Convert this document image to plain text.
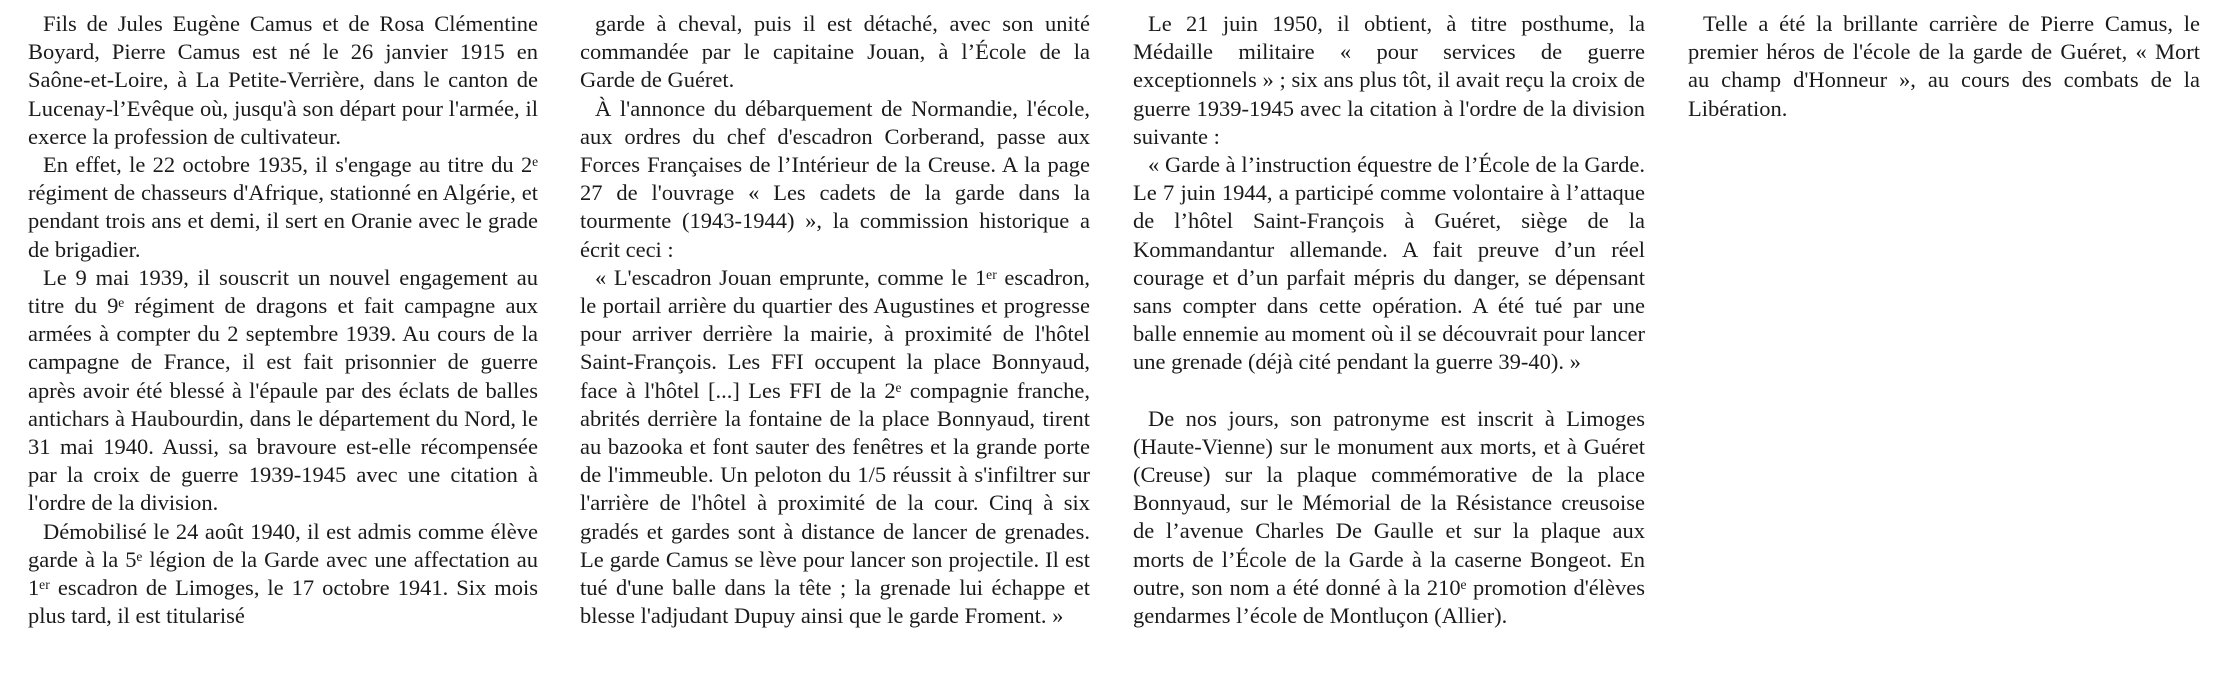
Fils de Jules Eugène Camus et de Rosa Clémentine Boyard, Pierre Camus est né le 26 janvier 1915 en Saône-et-Loire, à La Petite-Verrière, dans le canton de Lucenay-l’Evêque où, jusqu'à son départ pour l'armée, il exerce la profession de cultivateur.

En effet, le 22 octobre 1935, il s'engage au titre du 2ᵉ régiment de chasseurs d'Afrique, stationné en Algérie, et pendant trois ans et demi, il sert en Oranie avec le grade de brigadier.

Le 9 mai 1939, il souscrit un nouvel engagement au titre du 9ᵉ régiment de dragons et fait campagne aux armées à compter du 2 septembre 1939. Au cours de la campagne de France, il est fait prisonnier de guerre après avoir été blessé à l'épaule par des éclats de balles antichars à Haubourdin, dans le département du Nord, le 31 mai 1940. Aussi, sa bravoure est-elle récompensée par la croix de guerre 1939-1945 avec une citation à l'ordre de la division.

Démobilisé le 24 août 1940, il est admis comme élève garde à la 5ᵉ légion de la Garde avec une affectation au 1ᵉʳ escadron de Limoges, le 17 octobre 1941. Six mois plus tard, il est titularisé

garde à cheval, puis il est détaché, avec son unité commandée par le capitaine Jouan, à l’École de la Garde de Guéret.

À l'annonce du débarquement de Normandie, l'école, aux ordres du chef d'escadron Corberand, passe aux Forces Françaises de l’Intérieur de la Creuse. A la page 27 de l'ouvrage « Les cadets de la garde dans la tourmente (1943-1944) », la commission historique a écrit ceci :

« L'escadron Jouan emprunte, comme le 1ᵉʳ escadron, le portail arrière du quartier des Augustines et progresse pour arriver derrière la mairie, à proximité de l'hôtel Saint-François. Les FFI occupent la place Bonnyaud, face à l'hôtel [...] Les FFI de la 2ᵉ compagnie franche, abrités derrière la fontaine de la place Bonnyaud, tirent au bazooka et font sauter des fenêtres et la grande porte de l'immeuble. Un peloton du 1/5 réussit à s'infiltrer sur l'arrière de l'hôtel à proximité de la cour. Cinq à six gradés et gardes sont à distance de lancer de grenades. Le garde Camus se lève pour lancer son projectile. Il est tué d'une balle dans la tête ; la grenade lui échappe et blesse l'adjudant Dupuy ainsi que le garde Froment. »

Le 21 juin 1950, il obtient, à titre posthume, la Médaille militaire « pour services de guerre exceptionnels » ; six ans plus tôt, il avait reçu la croix de guerre 1939-1945 avec la citation à l'ordre de la division suivante :

« Garde à l’instruction équestre de l’École de la Garde. Le 7 juin 1944, a participé comme volontaire à l’attaque de l’hôtel Saint-François à Guéret, siège de la Kommandantur allemande. A fait preuve d’un réel courage et d’un parfait mépris du danger, se dépensant sans compter dans cette opération. A été tué par une balle ennemie au moment où il se découvrait pour lancer une grenade (déjà cité pendant la guerre 39-40). »

De nos jours, son patronyme est inscrit à Limoges (Haute-Vienne) sur le monument aux morts, et à Guéret (Creuse) sur la plaque commémorative de la place Bonnyaud, sur le Mémorial de la Résistance creusoise de l’avenue Charles De Gaulle et sur la plaque aux morts de l’École de la Garde à la caserne Bongeot. En outre, son nom a été donné à la 210ᵉ promotion d'élèves gendarmes l’école de Montluçon (Allier).

Telle a été la brillante carrière de Pierre Camus, le premier héros de l'école de la garde de Guéret, « Mort au champ d'Honneur », au cours des combats de la Libération.
